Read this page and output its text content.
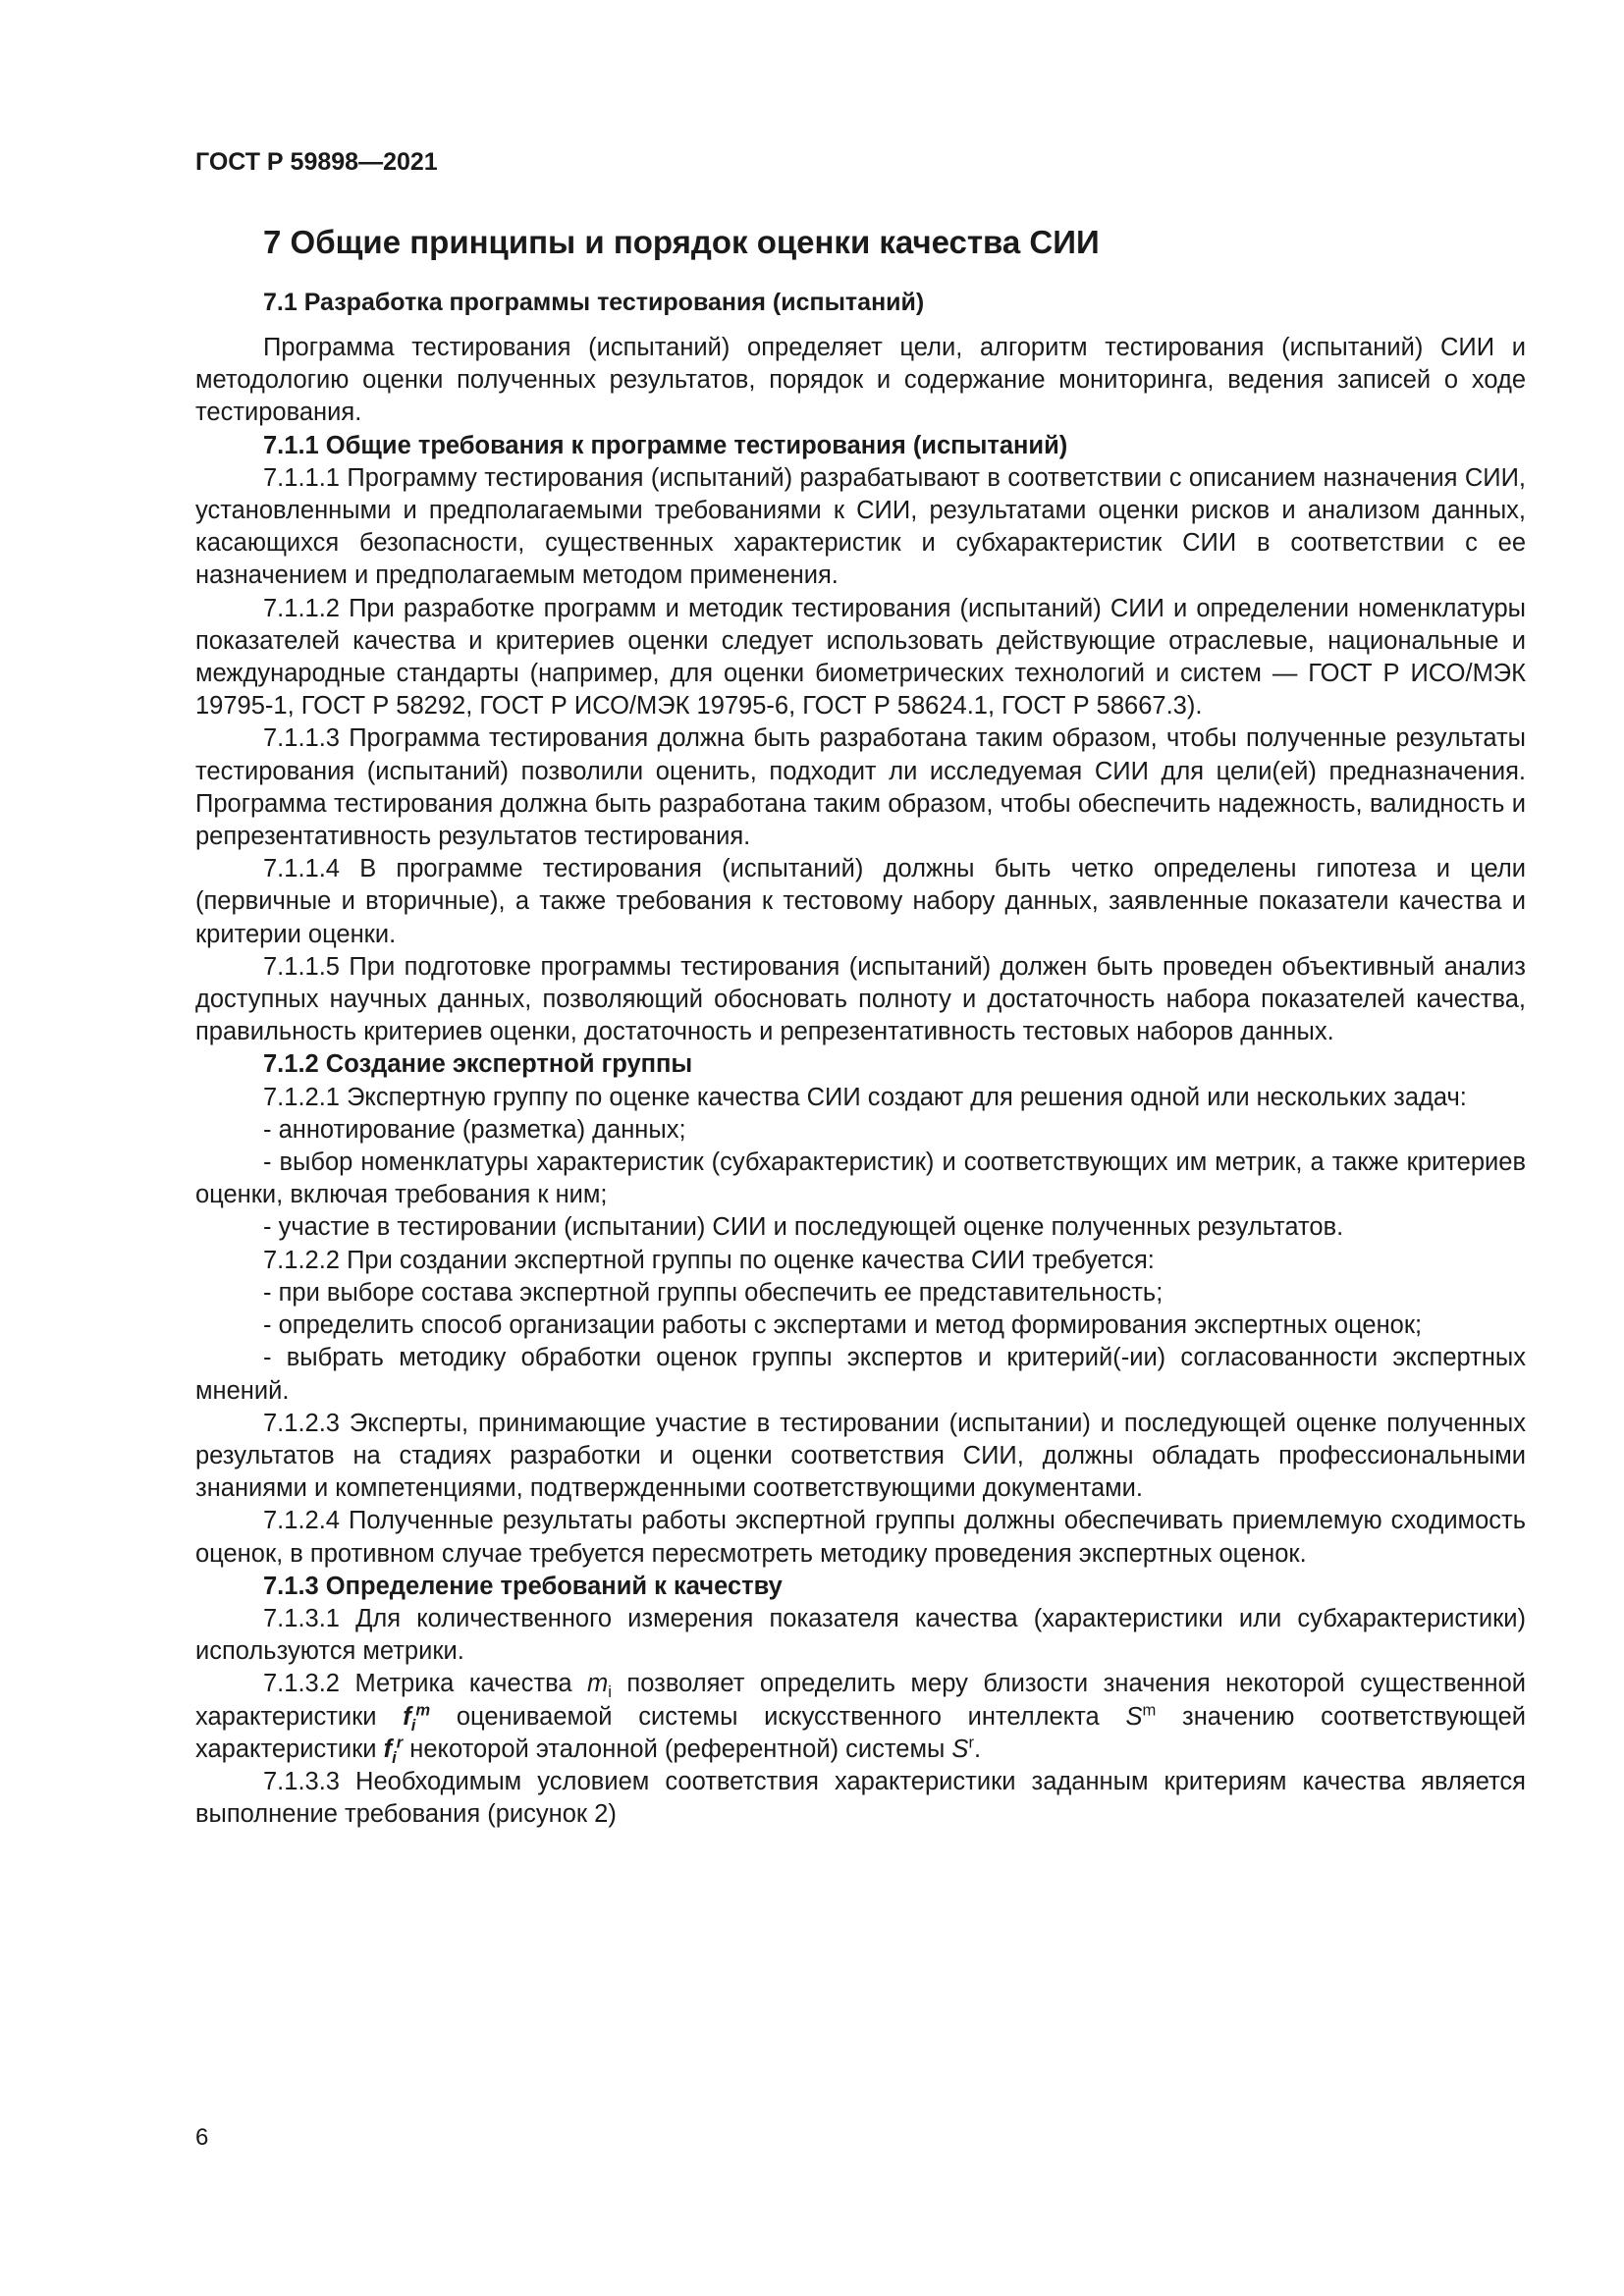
ГОСТ Р 59898—2021

7 Общие принципы и порядок оценки качества СИИ
7.1 Разработка программы тестирования (испытаний)

Программа тестирования (испытаний) определяет цели, алгоритм тестирования (испытаний) СИИ и методологию оценки полученных результатов, порядок и содержание мониторинга, ведения записей о ходе тестирования.

7.1.1 Общие требования к программе тестирования (испытаний)

7.1.1.1 Программу тестирования (испытаний) разрабатывают в соответствии с описанием назначения СИИ, установленными и предполагаемыми требованиями к СИИ, результатами оценки рисков и анализом данных, касающихся безопасности, существенных характеристик и субхарактеристик СИИ в соответствии с ее назначением и предполагаемым методом применения.

7.1.1.2 При разработке программ и методик тестирования (испытаний) СИИ и определении номенклатуры показателей качества и критериев оценки следует использовать действующие отраслевые, национальные и международные стандарты (например, для оценки биометрических технологий и систем — ГОСТ Р ИСО/МЭК 19795-1, ГОСТ Р 58292, ГОСТ Р ИСО/МЭК 19795-6, ГОСТ Р 58624.1, ГОСТ Р 58667.3).

7.1.1.3 Программа тестирования должна быть разработана таким образом, чтобы полученные результаты тестирования (испытаний) позволили оценить, подходит ли исследуемая СИИ для цели(ей) предназначения. Программа тестирования должна быть разработана таким образом, чтобы обеспечить надежность, валидность и репрезентативность результатов тестирования.

7.1.1.4 В программе тестирования (испытаний) должны быть четко определены гипотеза и цели (первичные и вторичные), а также требования к тестовому набору данных, заявленные показатели качества и критерии оценки.

7.1.1.5 При подготовке программы тестирования (испытаний) должен быть проведен объективный анализ доступных научных данных, позволяющий обосновать полноту и достаточность набора показателей качества, правильность критериев оценки, достаточность и репрезентативность тестовых наборов данных.

7.1.2 Создание экспертной группы

7.1.2.1 Экспертную группу по оценке качества СИИ создают для решения одной или нескольких задач:

- аннотирование (разметка) данных;

- выбор номенклатуры характеристик (субхарактеристик) и соответствующих им метрик, а также критериев оценки, включая требования к ним;

- участие в тестировании (испытании) СИИ и последующей оценке полученных результатов.

7.1.2.2 При создании экспертной группы по оценке качества СИИ требуется:

- при выборе состава экспертной группы обеспечить ее представительность;

- определить способ организации работы с экспертами и метод формирования экспертных оценок;

- выбрать методику обработки оценок группы экспертов и критерий(-ии) согласованности экспертных мнений.

7.1.2.3 Эксперты, принимающие участие в тестировании (испытании) и последующей оценке полученных результатов на стадиях разработки и оценки соответствия СИИ, должны обладать профессиональными знаниями и компетенциями, подтвержденными соответствующими документами.

7.1.2.4 Полученные результаты работы экспертной группы должны обеспечивать приемлемую сходимость оценок, в противном случае требуется пересмотреть методику проведения экспертных оценок.

7.1.3 Определение требований к качеству

7.1.3.1 Для количественного измерения показателя качества (характеристики или субхарактеристики) используются метрики.

7.1.3.2 Метрика качества $m_i$ позволяет определить меру близости значения некоторой существенной характеристики $f_i^m$ оцениваемой системы искусственного интеллекта $S^m$ значению соответствующей характеристики $f_i^r$ некоторой эталонной (референтной) системы $S^r$.

7.1.3.3 Необходимым условием соответствия характеристики заданным критериям качества является выполнение требования (рисунок 2)

6
